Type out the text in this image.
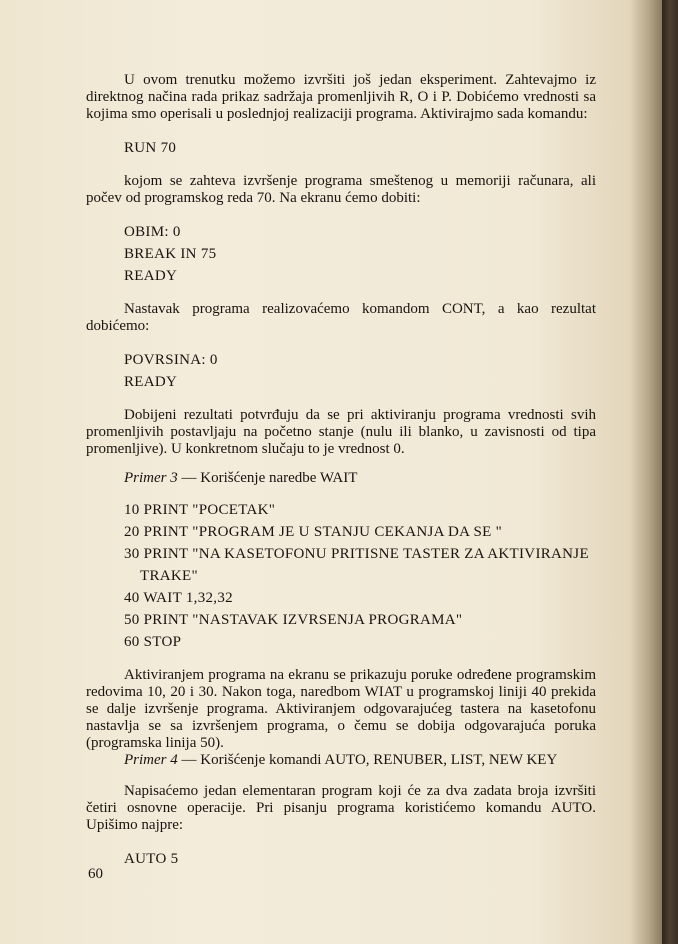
U ovom trenutku možemo izvršiti još jedan eksperiment. Zahtevajmo iz direktnog načina rada prikaz sadržaja promenljivih R, O i P. Dobićemo vrednosti sa kojima smo operisali u poslednjoj realizaciji programa. Aktivirajmo sada komandu:

RUN 70

kojom se zahteva izvršenje programa smeštenog u memoriji računara, ali počev od programskog reda 70. Na ekranu ćemo dobiti:

OBIM: 0
BREAK IN 75
READY

Nastavak programa realizovaćemo komandom CONT, a kao rezultat dobićemo:

POVRSINA: 0
READY

Dobijeni rezultati potvrđuju da se pri aktiviranju programa vrednosti svih promenljivih postavljaju na početno stanje (nulu ili blanko, u zavisnosti od tipa promenljive). U konkretnom slučaju to je vrednost 0.

Primer 3 — Korišćenje naredbe WAIT
10 PRINT "POCETAK"
20 PRINT "PROGRAM JE U STANJU CEKANJA DA SE "
30 PRINT "NA KASETOFONU PRITISNE TASTER ZA AKTIVIRANJE TRAKE"
40 WAIT 1,32,32
50 PRINT "NASTAVAK IZVRSENJA PROGRAMA"
60 STOP

Aktiviranjem programa na ekranu se prikazuju poruke određene programskim redovima 10, 20 i 30. Nakon toga, naredbom WIAT u programskoj liniji 40 prekida se dalje izvršenje programa. Aktiviranjem odgovarajućeg tastera na kasetofonu nastavlja se sa izvršenjem programa, o čemu se dobija odgovarajuća poruka (programska linija 50).

Primer 4 — Korišćenje komandi AUTO, RENUBER, LIST, NEW KEY

Napisaćemo jedan elementaran program koji će za dva zadata broja izvršiti četiri osnovne operacije. Pri pisanju programa koristićemo komandu AUTO. Upišimo najpre:

AUTO 5
60
